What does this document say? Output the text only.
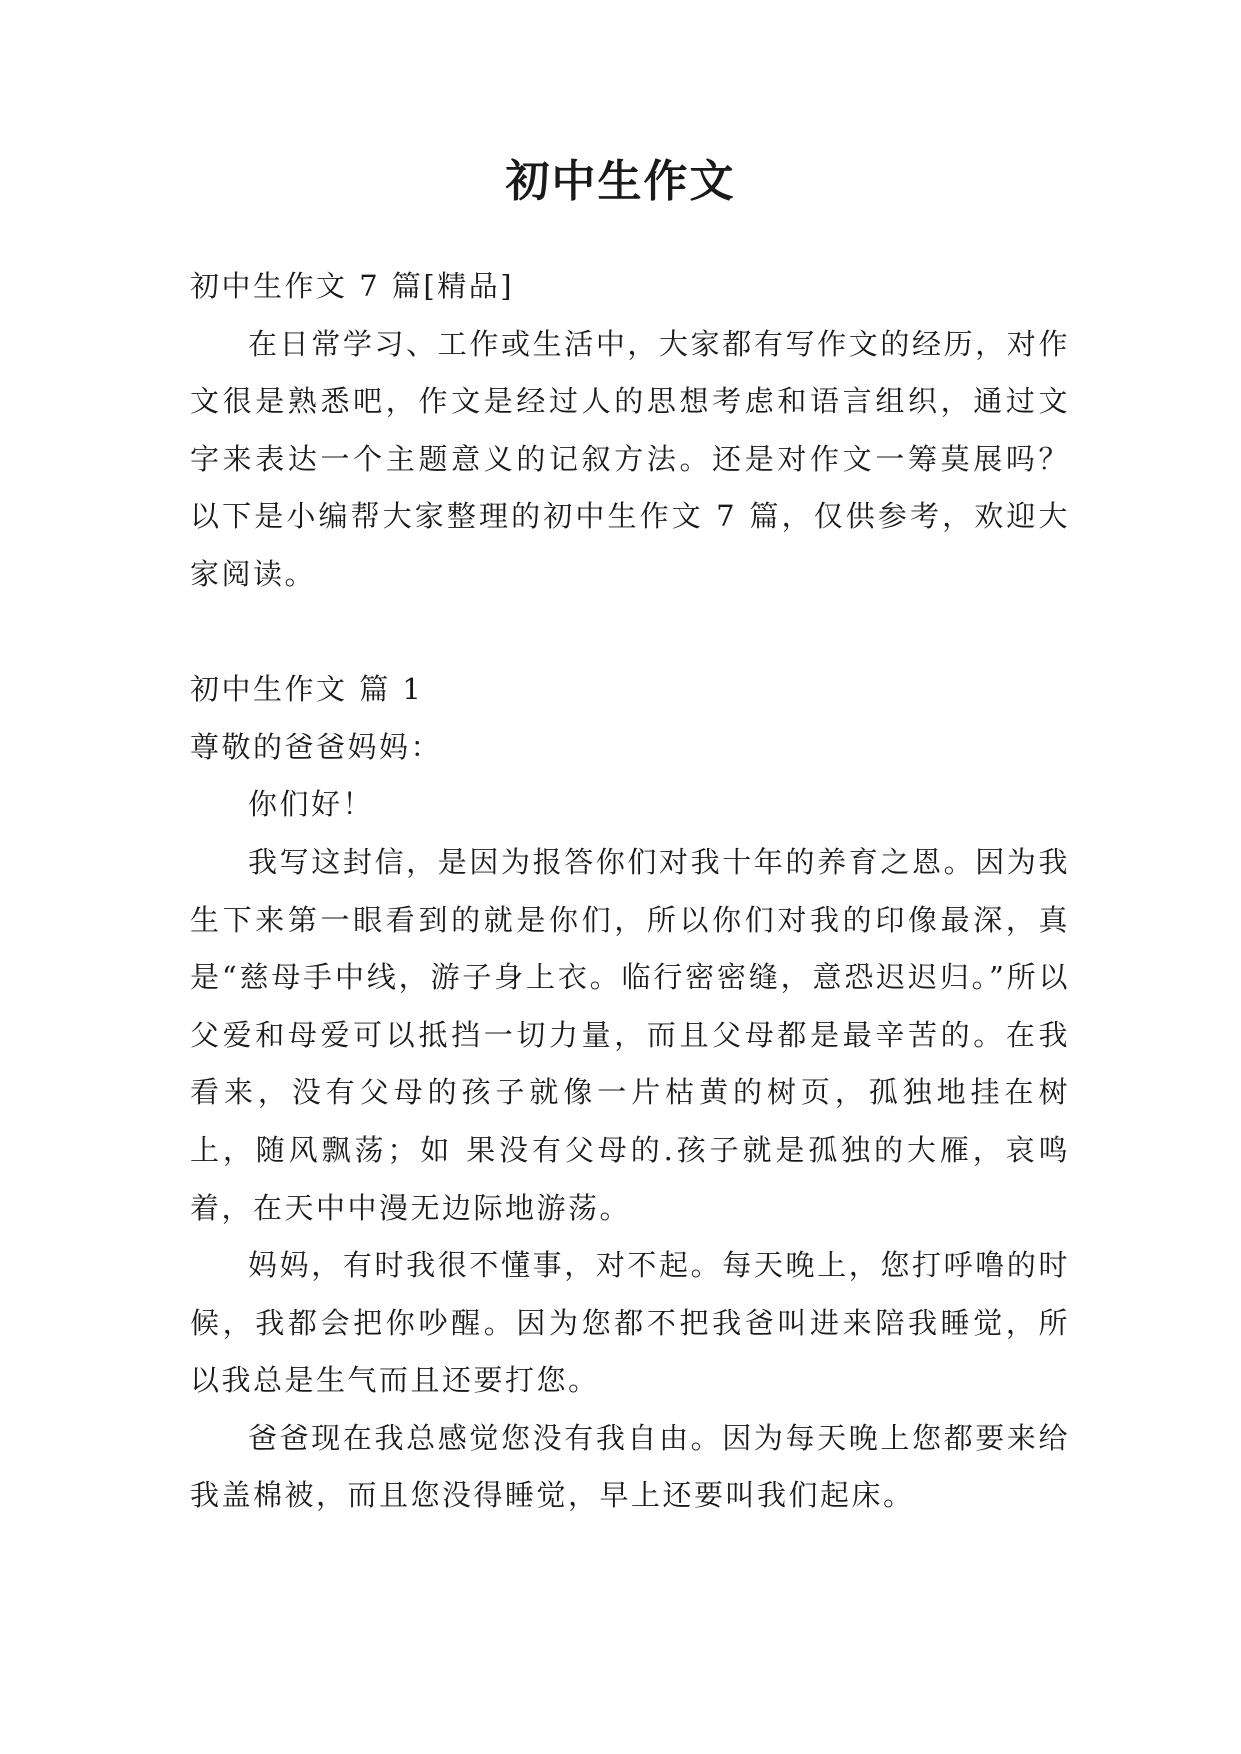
初中生作文

初中生作文 7 篇[精品]

在日常学习、工作或生活中，大家都有写作文的经历，对作文很是熟悉吧，作文是经过人的思想考虑和语言组织，通过文字来表达一个主题意义的记叙方法。还是对作文一筹莫展吗？以下是小编帮大家整理的初中生作文 7 篇，仅供参考，欢迎大家阅读。

初中生作文 篇 1

尊敬的爸爸妈妈：

你们好！

我写这封信，是因为报答你们对我十年的养育之恩。因为我生下来第一眼看到的就是你们，所以你们对我的印像最深，真是“慈母手中线，游子身上衣。临行密密缝，意恐迟迟归。”所以父爱和母爱可以抵挡一切力量，而且父母都是最辛苦的。在我看来，没有父母的孩子就像一片枯黄的树页，孤独地挂在树上，随风飘荡；如 果没有父母的.孩子就是孤独的大雁，哀鸣着，在天中中漫无边际地游荡。

妈妈，有时我很不懂事，对不起。每天晚上，您打呼噜的时候，我都会把你吵醒。因为您都不把我爸叫进来陪我睡觉，所以我总是生气而且还要打您。

爸爸现在我总感觉您没有我自由。因为每天晚上您都要来给我盖棉被，而且您没得睡觉，早上还要叫我们起床。
